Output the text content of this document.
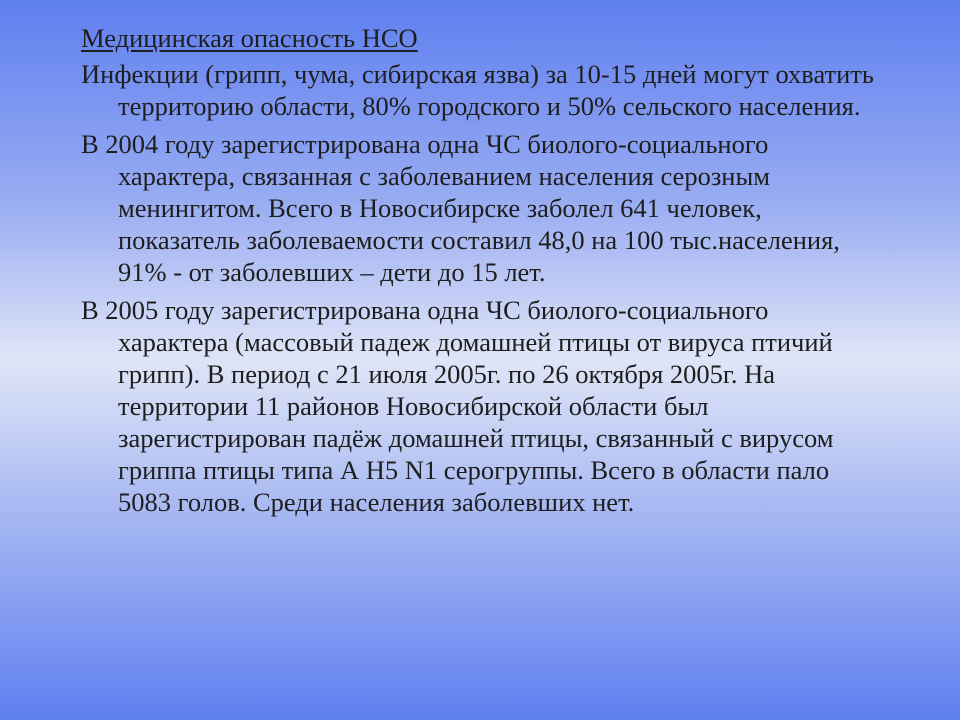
Медицинская опасность НСО

Инфекции (грипп, чума, сибирская язва) за 10-15 дней могут охватить территорию области, 80% городского и 50% сельского населения.

В 2004 году зарегистрирована одна ЧС биолого-социального характера, связанная с заболеванием населения серозным менингитом. Всего в Новосибирске заболел 641 человек, показатель заболеваемости составил 48,0 на 100 тыс.населения, 91% - от заболевших – дети до 15 лет.

В 2005 году зарегистрирована одна ЧС биолого-социального характера (массовый падеж домашней птицы от вируса птичий грипп). В период с 21 июля 2005г. по 26 октября 2005г. На территории 11 районов Новосибирской области был зарегистрирован падёж домашней птицы, связанный с вирусом гриппа птицы типа А Н5 N1 серогруппы. Всего в области пало 5083 голов. Среди населения заболевших нет.
